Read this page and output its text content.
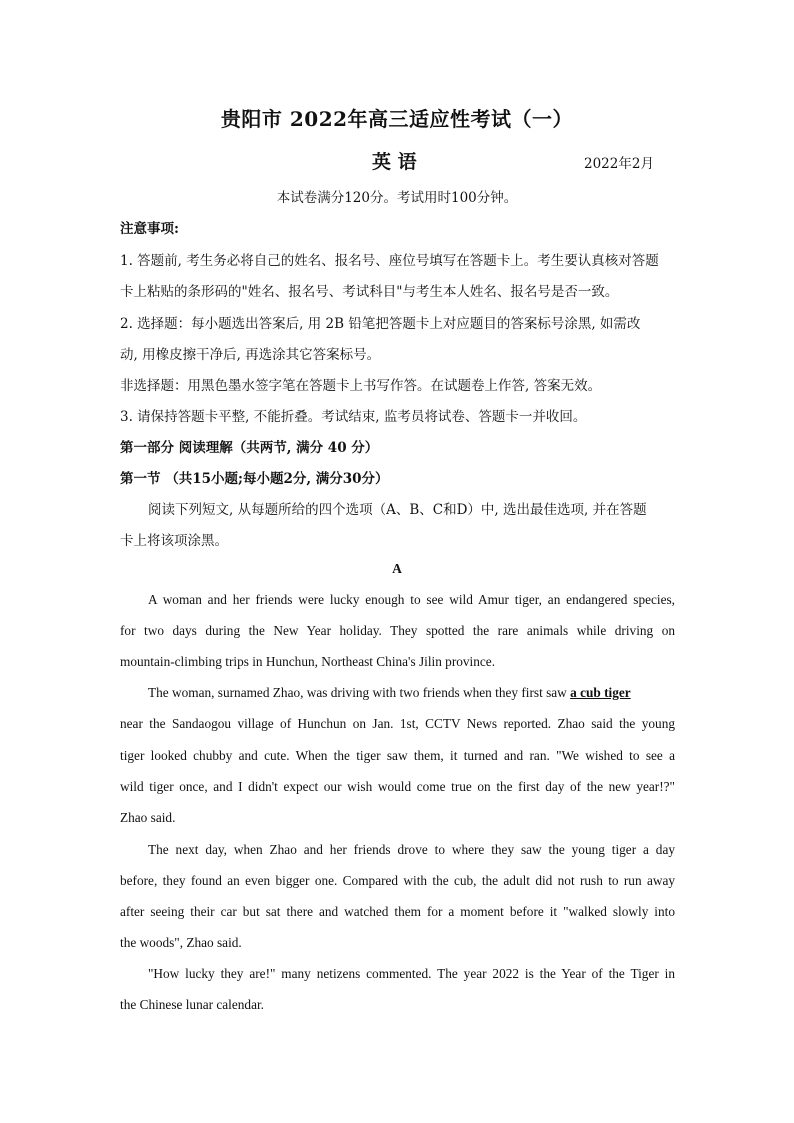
贵阳市 2022年高三适应性考试（一）
英 语	2022年2月
本试卷满分120分。考试用时100分钟。
注意事项:
1. 答题前, 考生务必将自己的姓名、报名号、座位号填写在答题卡上。考生要认真核对答题
卡上粘贴的条形码的"姓名、报名号、考试科目"与考生本人姓名、报名号是否一致。
2. 选择题：每小题选出答案后, 用 2B 铅笔把答题卡上对应题目的答案标号涂黑, 如需改
动, 用橡皮擦干净后, 再选涂其它答案标号。
非选择题：用黑色墨水签字笔在答题卡上书写作答。在试题卷上作答, 答案无效。
3. 请保持答题卡平整, 不能折叠。考试结束, 监考员将试卷、答题卡一并收回。
第一部分 阅读理解（共两节, 满分 40 分）
第一节 （共15小题;每小题2分, 满分30分）
阅读下列短文, 从每题所给的四个选项（A、B、C和D）中, 选出最佳选项, 并在答题
卡上将该项涂黑。
A
A woman and her friends were lucky enough to see wild Amur tiger, an endangered species,
for two days during the New Year holiday. They spotted the rare animals while driving on
mountain-climbing trips in Hunchun, Northeast China's Jilin province.
The woman, surnamed Zhao, was driving with two friends when they first saw a cub tiger
near the Sandaogou village of Hunchun on Jan. 1st, CCTV News reported. Zhao said the young
tiger looked chubby and cute. When the tiger saw them, it turned and ran. "We wished to see a
wild tiger once, and I didn't expect our wish would come true on the first day of the new year!?"
Zhao said.
The next day, when Zhao and her friends drove to where they saw the young tiger a day
before, they found an even bigger one. Compared with the cub, the adult did not rush to run away
after seeing their car but sat there and watched them for a moment before it "walked slowly into
the woods", Zhao said.
"How lucky they are!" many netizens commented. The year 2022 is the Year of the Tiger in
the Chinese lunar calendar.
